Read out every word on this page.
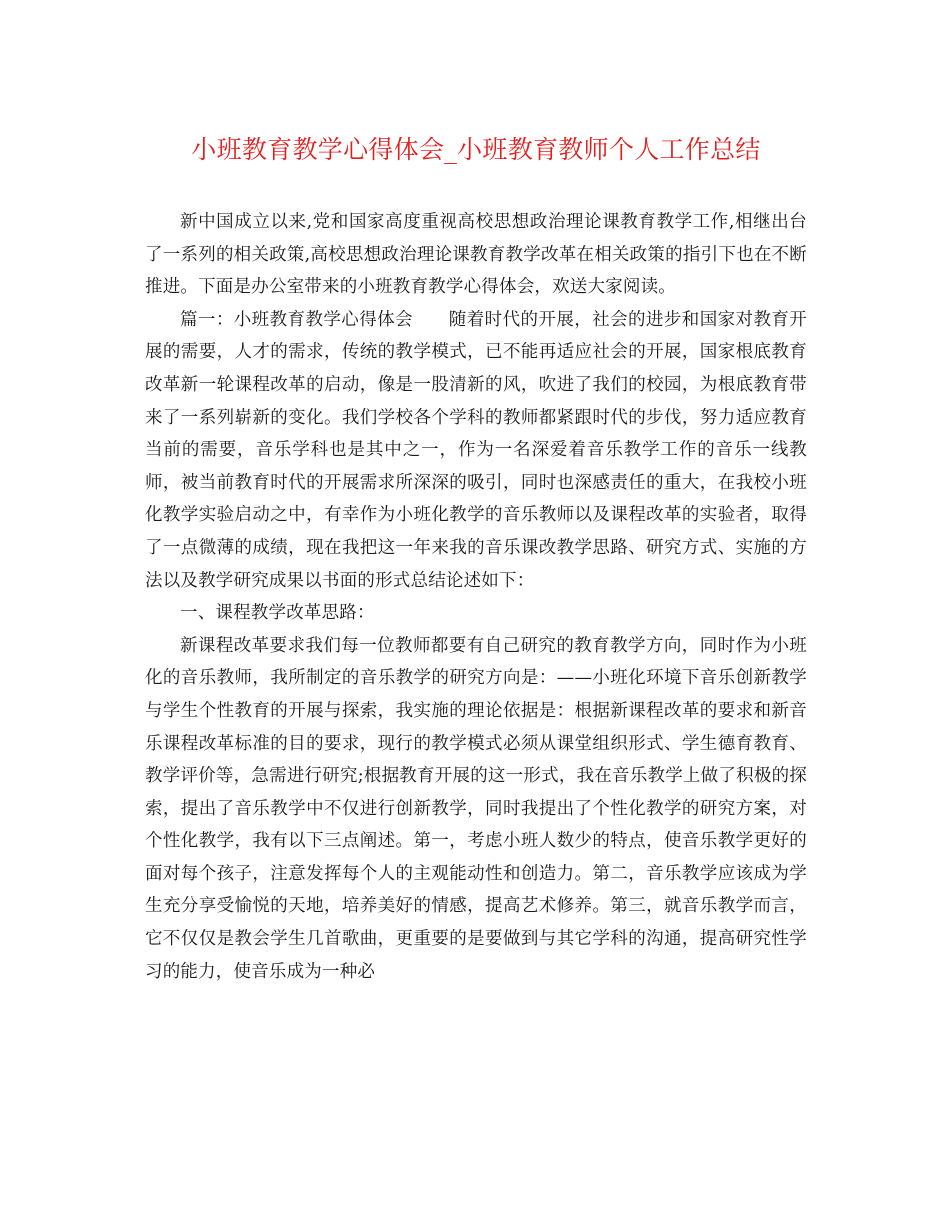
小班教育教学心得体会_小班教育教师个人工作总结

新中国成立以来,党和国家高度重视高校思想政治理论课教育教学工作,相继出台了一系列的相关政策,高校思想政治理论课教育教学改革在相关政策的指引下也在不断推进。下面是办公室带来的小班教育教学心得体会，欢送大家阅读。

篇一：小班教育教学心得体会　　随着时代的开展，社会的进步和国家对教育开展的需要，人才的需求，传统的教学模式，已不能再适应社会的开展，国家根底教育改革新一轮课程改革的启动，像是一股清新的风，吹进了我们的校园，为根底教育带来了一系列崭新的变化。我们学校各个学科的教师都紧跟时代的步伐，努力适应教育当前的需要，音乐学科也是其中之一，作为一名深爱着音乐教学工作的音乐一线教师，被当前教育时代的开展需求所深深的吸引，同时也深感责任的重大，在我校小班化教学实验启动之中，有幸作为小班化教学的音乐教师以及课程改革的实验者，取得了一点微薄的成绩，现在我把这一年来我的音乐课改教学思路、研究方式、实施的方法以及教学研究成果以书面的形式总结论述如下：

一、课程教学改革思路：

新课程改革要求我们每一位教师都要有自己研究的教育教学方向，同时作为小班化的音乐教师，我所制定的音乐教学的研究方向是：——小班化环境下音乐创新教学与学生个性教育的开展与探索，我实施的理论依据是：根据新课程改革的要求和新音乐课程改革标准的目的要求，现行的教学模式必须从课堂组织形式、学生德育教育、教学评价等，急需进行研究;根据教育开展的这一形式，我在音乐教学上做了积极的探索，提出了音乐教学中不仅进行创新教学，同时我提出了个性化教学的研究方案，对个性化教学，我有以下三点阐述。第一，考虑小班人数少的特点，使音乐教学更好的面对每个孩子，注意发挥每个人的主观能动性和创造力。第二，音乐教学应该成为学生充分享受愉悦的天地，培养美好的情感，提高艺术修养。第三，就音乐教学而言，它不仅仅是教会学生几首歌曲，更重要的是要做到与其它学科的沟通，提高研究性学习的能力，使音乐成为一种必
